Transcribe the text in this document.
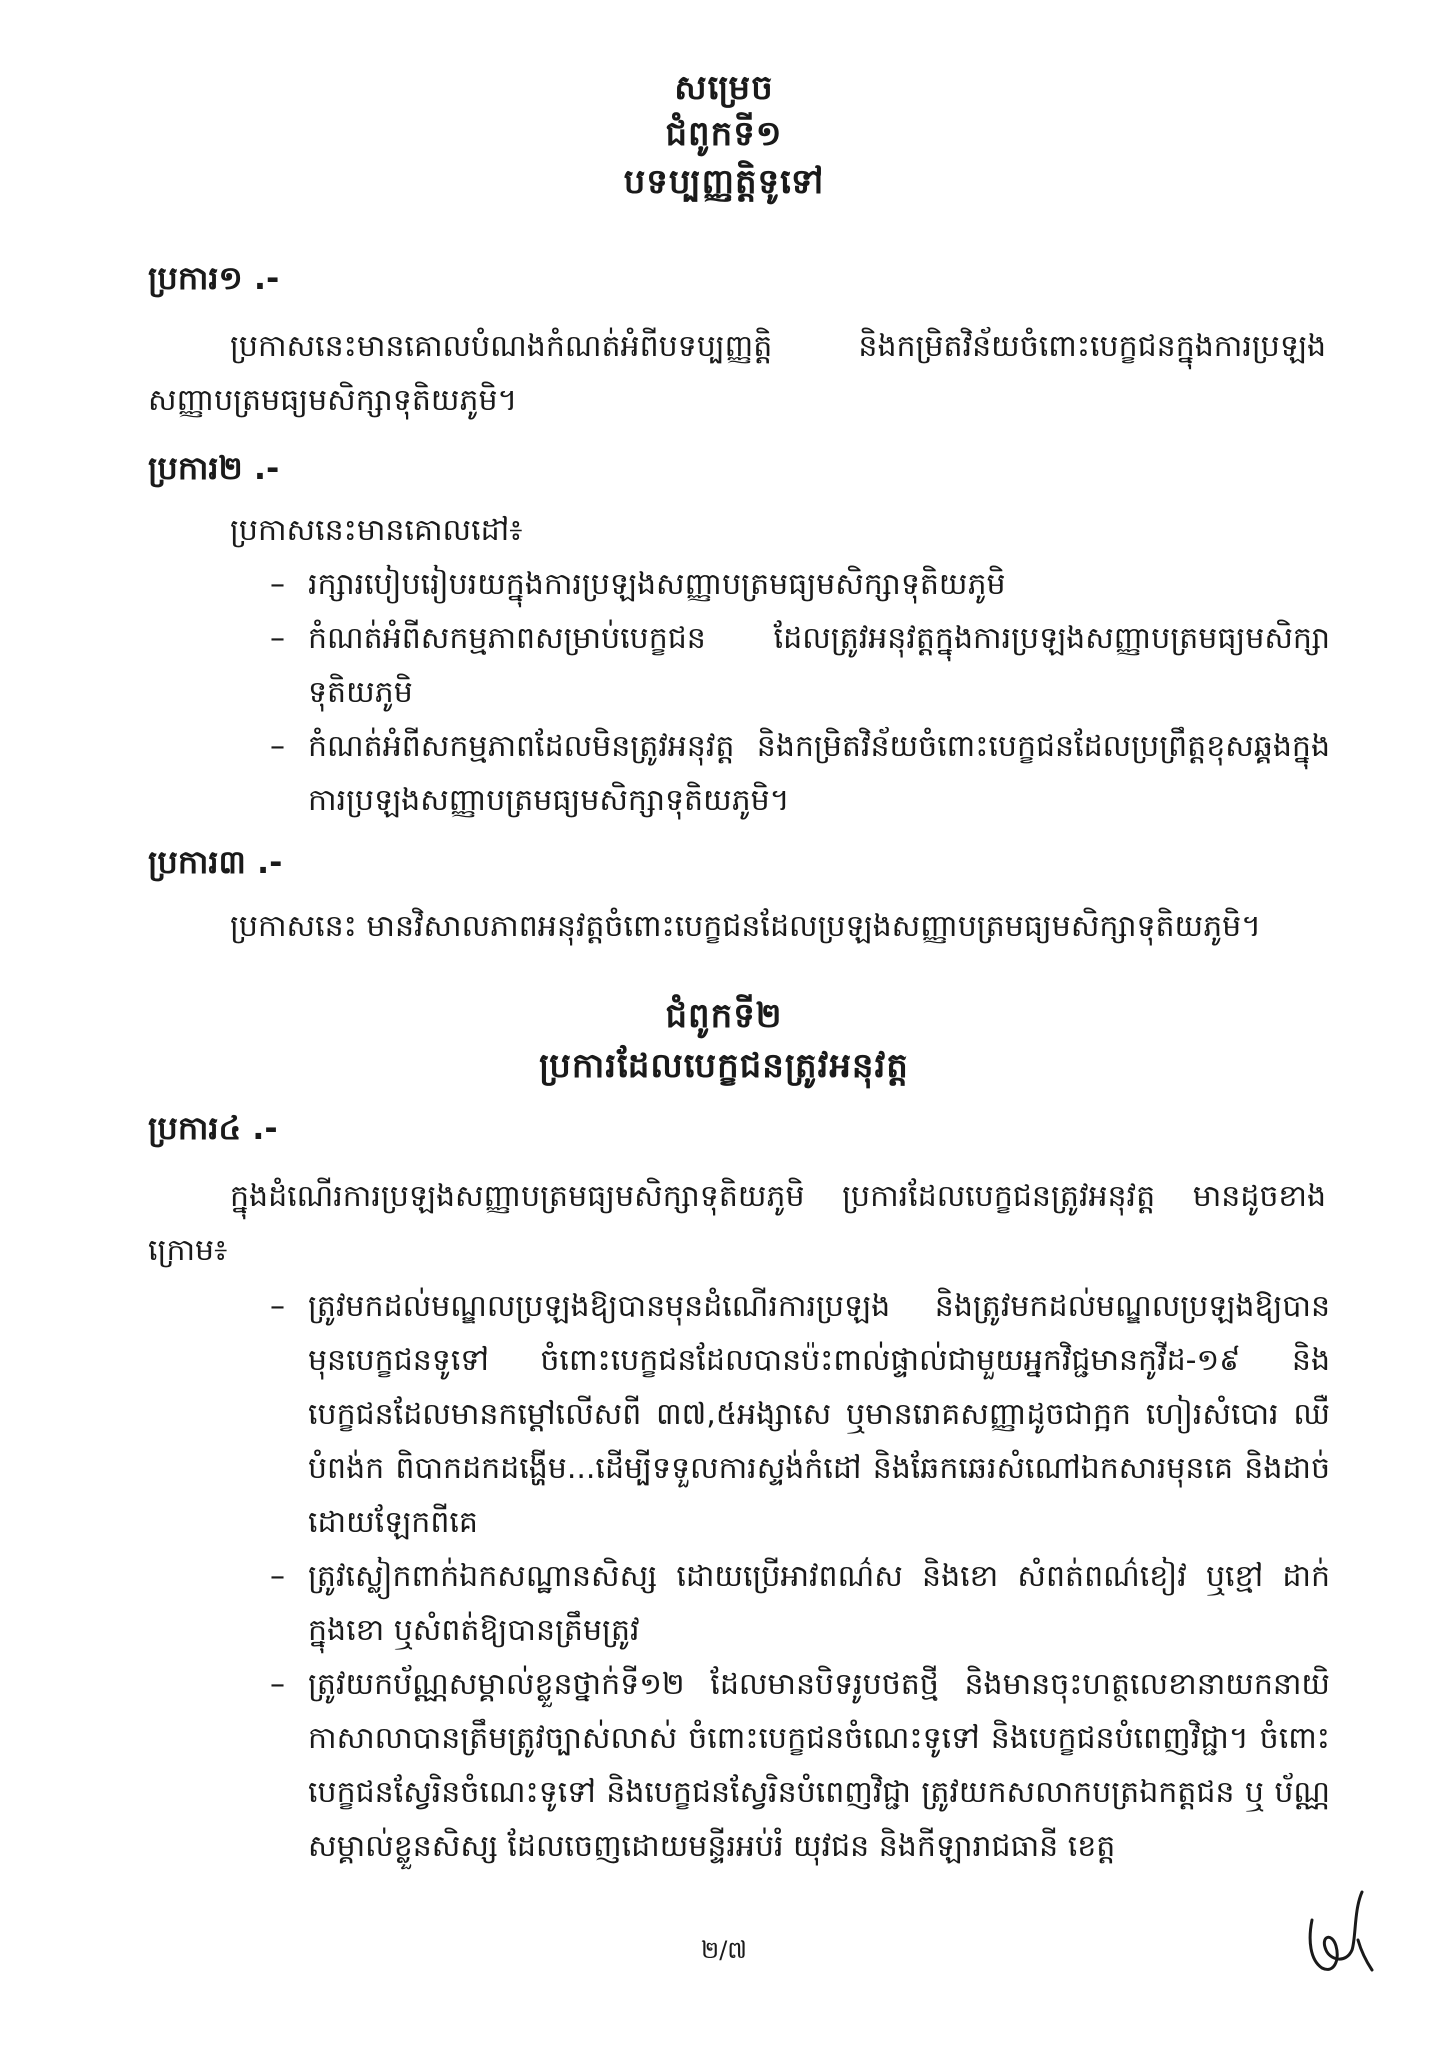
សម្រេច
ជំពូកទី១
បទប្បញ្ញត្តិទូទៅ
ប្រការ១ .-
ប្រកាសនេះមានគោលបំណងកំណត់អំពីបទប្បញ្ញត្តិ និងកម្រិតវិន័យចំពោះបេក្ខជនក្នុងការប្រឡងសញ្ញាបត្រមធ្យមសិក្សាទុតិយភូមិ។
ប្រការ២ .-
ប្រកាសនេះមានគោលដៅ៖
– រក្សារបៀបរៀបរយក្នុងការប្រឡងសញ្ញាបត្រមធ្យមសិក្សាទុតិយភូមិ
– កំណត់អំពីសកម្មភាពសម្រាប់បេក្ខជន ដែលត្រូវអនុវត្តក្នុងការប្រឡងសញ្ញាបត្រមធ្យមសិក្សាទុតិយភូមិ
– កំណត់អំពីសកម្មភាពដែលមិនត្រូវអនុវត្ត និងកម្រិតវិន័យចំពោះបេក្ខជនដែលប្រព្រឹត្តខុសឆ្គងក្នុងការប្រឡងសញ្ញាបត្រមធ្យមសិក្សាទុតិយភូមិ។
ប្រការ៣ .-
ប្រកាសនេះ មានវិសាលភាពអនុវត្តចំពោះបេក្ខជនដែលប្រឡងសញ្ញាបត្រមធ្យមសិក្សាទុតិយភូមិ។
ជំពូកទី២
ប្រការដែលបេក្ខជនត្រូវអនុវត្ត
ប្រការ៤ .-
ក្នុងដំណើរការប្រឡងសញ្ញាបត្រមធ្យមសិក្សាទុតិយភូមិ ប្រការដែលបេក្ខជនត្រូវអនុវត្ត មានដូចខាងក្រោម៖
– ត្រូវមកដល់មណ្ឌលប្រឡងឱ្យបានមុនដំណើរការប្រឡង និងត្រូវមកដល់មណ្ឌលប្រឡងឱ្យបានមុនបេក្ខជនទូទៅ ចំពោះបេក្ខជនដែលបានប៉ះពាល់ផ្ទាល់ជាមួយអ្នកវិជ្ជមានកូវីដ-១៩ និងបេក្ខជនដែលមានកម្ដៅលើសពី ៣៧,៥អង្សាសេ ឬមានរោគសញ្ញាដូចជាក្អក ហៀរសំបោរ ឈឺបំពង់ក ពិបាកដកដង្ហើម...ដើម្បីទទួលការស្ទង់កំដៅ និងឆែកឆេរសំណៅឯកសារមុនគេ និងដាច់ដោយឡែកពីគេ
– ត្រូវស្លៀកពាក់ឯកសណ្ឋានសិស្ស ដោយប្រើអាវពណ៌ស និងខោ សំពត់ពណ៌ខៀវ ឬខ្មៅ ដាក់ក្នុងខោ ឬសំពត់ឱ្យបានត្រឹមត្រូវ
– ត្រូវយកប័ណ្ណសម្គាល់ខ្លួនថ្នាក់ទី១២ ដែលមានបិទរូបថតថ្មី និងមានចុះហត្ថលេខានាយកនាយិកាសាលាបានត្រឹមត្រូវច្បាស់លាស់ ចំពោះបេក្ខជនចំណេះទូទៅ និងបេក្ខជនបំពេញវិជ្ជា។ ចំពោះបេក្ខជនស្វែរិនចំណេះទូទៅ និងបេក្ខជនស្វែរិនបំពេញវិជ្ជា ត្រូវយកសលាកបត្រឯកត្តជន ឬ ប័ណ្ណសម្គាល់ខ្លួនសិស្ស ដែលចេញដោយមន្ទីរអប់រំ យុវជន និងកីឡារាជធានី ខេត្ត
២/៧
